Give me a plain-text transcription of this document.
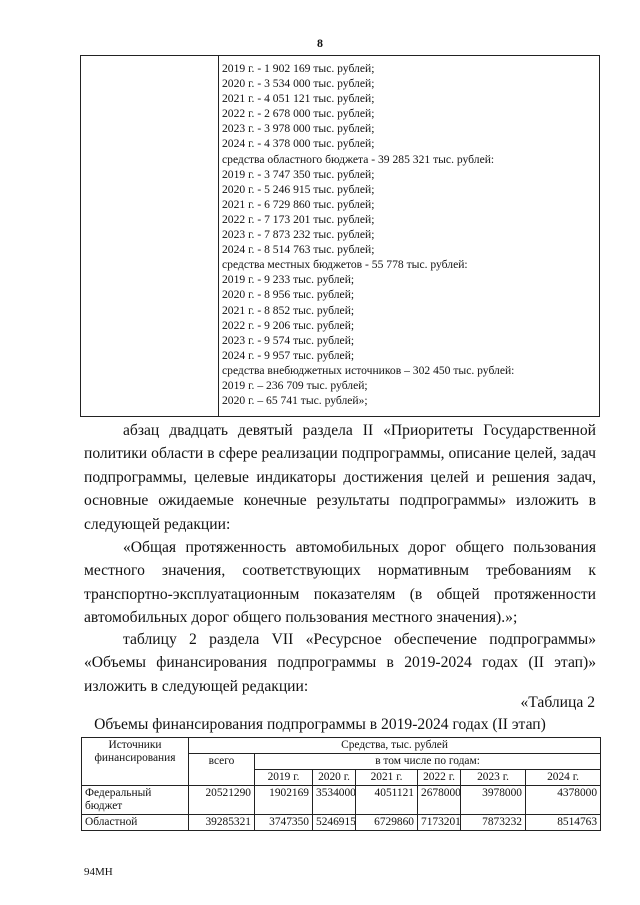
8
2019 г. - 1 902 169 тыс. рублей;
2020 г. - 3 534 000 тыс. рублей;
2021 г. - 4 051 121 тыс. рублей;
2022 г. - 2 678 000 тыс. рублей;
2023 г. - 3 978 000 тыс. рублей;
2024 г. - 4 378 000 тыс. рублей;
средства областного бюджета - 39 285 321 тыс. рублей:
2019 г. - 3 747 350 тыс. рублей;
2020 г. - 5 246 915 тыс. рублей;
2021 г. - 6 729 860 тыс. рублей;
2022 г. - 7 173 201 тыс. рублей;
2023 г. - 7 873 232 тыс. рублей;
2024 г. - 8 514 763 тыс. рублей;
средства местных бюджетов - 55 778 тыс. рублей:
2019 г. - 9 233 тыс. рублей;
2020 г. - 8 956 тыс. рублей;
2021 г. - 8 852 тыс. рублей;
2022 г. - 9 206 тыс. рублей;
2023 г. - 9 574 тыс. рублей;
2024 г. - 9 957 тыс. рублей;
средства внебюджетных источников – 302 450 тыс. рублей:
2019 г. – 236 709 тыс. рублей;
2020 г. – 65 741 тыс. рублей»;
абзац двадцать девятый раздела II «Приоритеты Государственной политики области в сфере реализации подпрограммы, описание целей, задач подпрограммы, целевые индикаторы достижения целей и решения задач, основные ожидаемые конечные результаты подпрограммы» изложить в следующей редакции:
«Общая протяженность автомобильных дорог общего пользования местного значения, соответствующих нормативным требованиям к транспортно-эксплуатационным показателям (в общей протяженности автомобильных дорог общего пользования местного значения).»;
таблицу 2 раздела VII «Ресурсное обеспечение подпрограммы» «Объемы финансирования подпрограммы в 2019-2024 годах (II этап)» изложить в следующей редакции:
«Таблица 2
Объемы финансирования подпрограммы в 2019-2024 годах (II этап)
Источники финансирования	Средства, тыс. рублей						
	всего	в том числе по годам:					
		2019 г.	2020 г.	2021 г.	2022 г.	2023 г.	2024 г.
Федеральный бюджет	20521290	1902169	3534000	4051121	2678000	3978000	4378000
Областной	39285321	3747350	5246915	6729860	7173201	7873232	8514763
94МН
